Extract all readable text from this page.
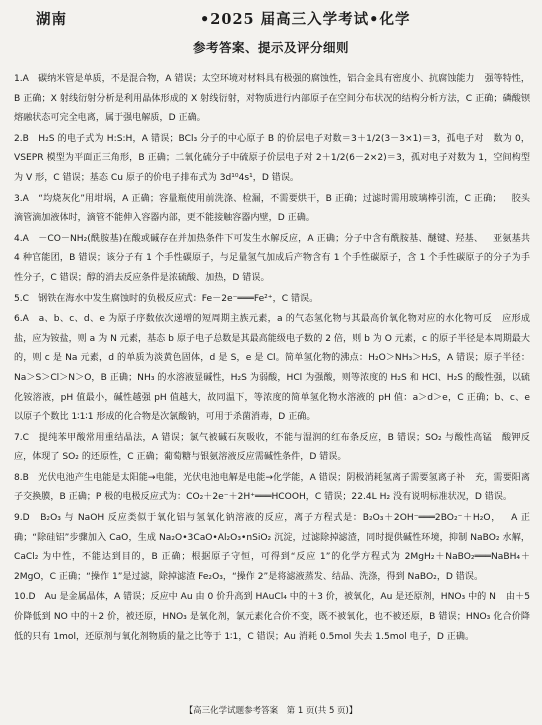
湖南	•2025 届高三入学考试•化学
参考答案、提示及评分细则

1.A　碳纳米管是单质，不是混合物，A 错误；太空环境对材料具有极强的腐蚀性，铝合金具有密度小、抗腐蚀能力 强等特性，B 正确；X 射线衍射分析是利用晶体形成的 X 射线衍射，对物质进行内部原子在空间分布状况的结构分析方法，C 正确；磷酸钡熔融状态可完全电离，属于强电解质，D 正确。

2.B　H₂S 的电子式为 H:S:H，A 错误；BCl₃ 分子的中心原子 B 的价层电子对数＝3＋1/2(3－3×1)＝3，孤电子对 数为 0，VSEPR 模型为平面正三角形，B 正确；二氧化硫分子中硫原子价层电子对 2＋1/2(6－2×2)＝3，孤对电子对数为 1，空间构型为 V 形，C 错误；基态 Cu 原子的价电子排布式为 3d¹⁰4s¹，D 错误。

3.A　“均烧灰化”用坩埚，A 正确；容量瓶使用前洗涤、检漏，不需要烘干，B 正确；过滤时需用玻璃棒引流，C 正确； 胶头滴管滴加液体时，滴管不能伸入容器内部，更不能接触容器内壁，D 正确。

4.A　－CO－NH₂(酰胺基)在酸或碱存在并加热条件下可发生水解反应，A 正确；分子中含有酰胺基、醚键、羟基、 亚氨基共 4 种官能团，B 错误；该分子有 1 个手性碳原子，与足量氢气加成后产物含有 1 个手性碳原子，含 1 个手性碳原子的分子为手性分子，C 错误；醇的消去反应条件是浓硫酸、加热，D 错误。

5.C　钢铁在海水中发生腐蚀时的负极反应式：Fe－2e⁻═══Fe²⁺，C 错误。

6.A　a、b、c、d、e 为原子序数依次递增的短周期主族元素，a 的气态氢化物与其最高价氧化物对应的水化物可反 应形成盐，应为铵盐，则 a 为 N 元素，基态 b 原子电子总数是其最高能级电子数的 2 倍，则 b 为 O 元素，c 的原子半径是本周期最大的，则 c 是 Na 元素，d 的单质为淡黄色固体，d 是 S，e 是 Cl。简单氢化物的沸点：H₂O＞NH₃＞H₂S，A 错误；原子半径：Na＞S＞Cl＞N＞O，B 正确；NH₃ 的水溶液显碱性，H₂S 为弱酸，HCl 为强酸，则等浓度的 H₂S 和 HCl、H₂S 的酸性强，以硫化铵溶液，pH 值最小，碱性越强 pH 值越大，故同温下，等浓度的简单氢化物水溶液的 pH 值：a＞d＞e，C 正确；b、c、e 以原子个数比 1∶1∶1 形成的化合物是次氯酸钠，可用于杀菌消毒，D 正确。

7.C　提纯苯甲酸常用重结晶法，A 错误；氯气被碱石灰吸收，不能与湿润的红布条反应，B 错误；SO₂ 与酸性高锰 酸钾反应，体现了 SO₂ 的还原性，C 正确；葡萄糖与银氨溶液反应需碱性条件，D 错误。

8.B　光伏电池产生电能是太阳能→电能，光伏电池电解是电能→化学能，A 错误；阴极消耗氢离子需要氢离子补 充，需要阳离子交换膜，B 正确；P 极的电极反应式为：CO₂＋2e⁻＋2H⁺═══HCOOH，C 错误；22.4L H₂ 没有说明标准状况，D 错误。

9.D　B₂O₃ 与 NaOH 反应类似于氧化铝与氢氧化钠溶液的反应，离子方程式是：B₂O₃＋2OH⁻═══2BO₂⁻＋H₂O， A 正确；“除硅铝”步骤加入 CaO，生成 Na₂O•3CaO•Al₂O₃•nSiO₂ 沉淀，过滤除掉滤渣，同时提供碱性环境，抑制 NaBO₂ 水解，CaCl₂ 为中性，不能达到目的，B 正确；根据原子守恒，可得到“反应 1”的化学方程式为 2MgH₂＋NaBO₂═══NaBH₄＋2MgO，C 正确；“操作 1”是过滤，除掉滤渣 Fe₂O₃，“操作 2”是将滤液蒸发、结晶、洗涤，得到 NaBO₂，D 错误。

10.D　Au 是金属晶体，A 错误；反应中 Au 由 0 价升高到 HAuCl₄ 中的＋3 价，被氧化，Au 是还原剂，HNO₃ 中的 N 由＋5 价降低到 NO 中的＋2 价，被还原，HNO₃ 是氧化剂，氯元素化合价不变，既不被氧化，也不被还原，B 错误；HNO₃ 化合价降低的只有 1mol，还原剂与氧化剂物质的量之比等于 1∶1，C 错误；Au 消耗 0.5mol 失去 1.5mol 电子，D 正确。

【高三化学试题参考答案　第 1 页(共 5 页)】
